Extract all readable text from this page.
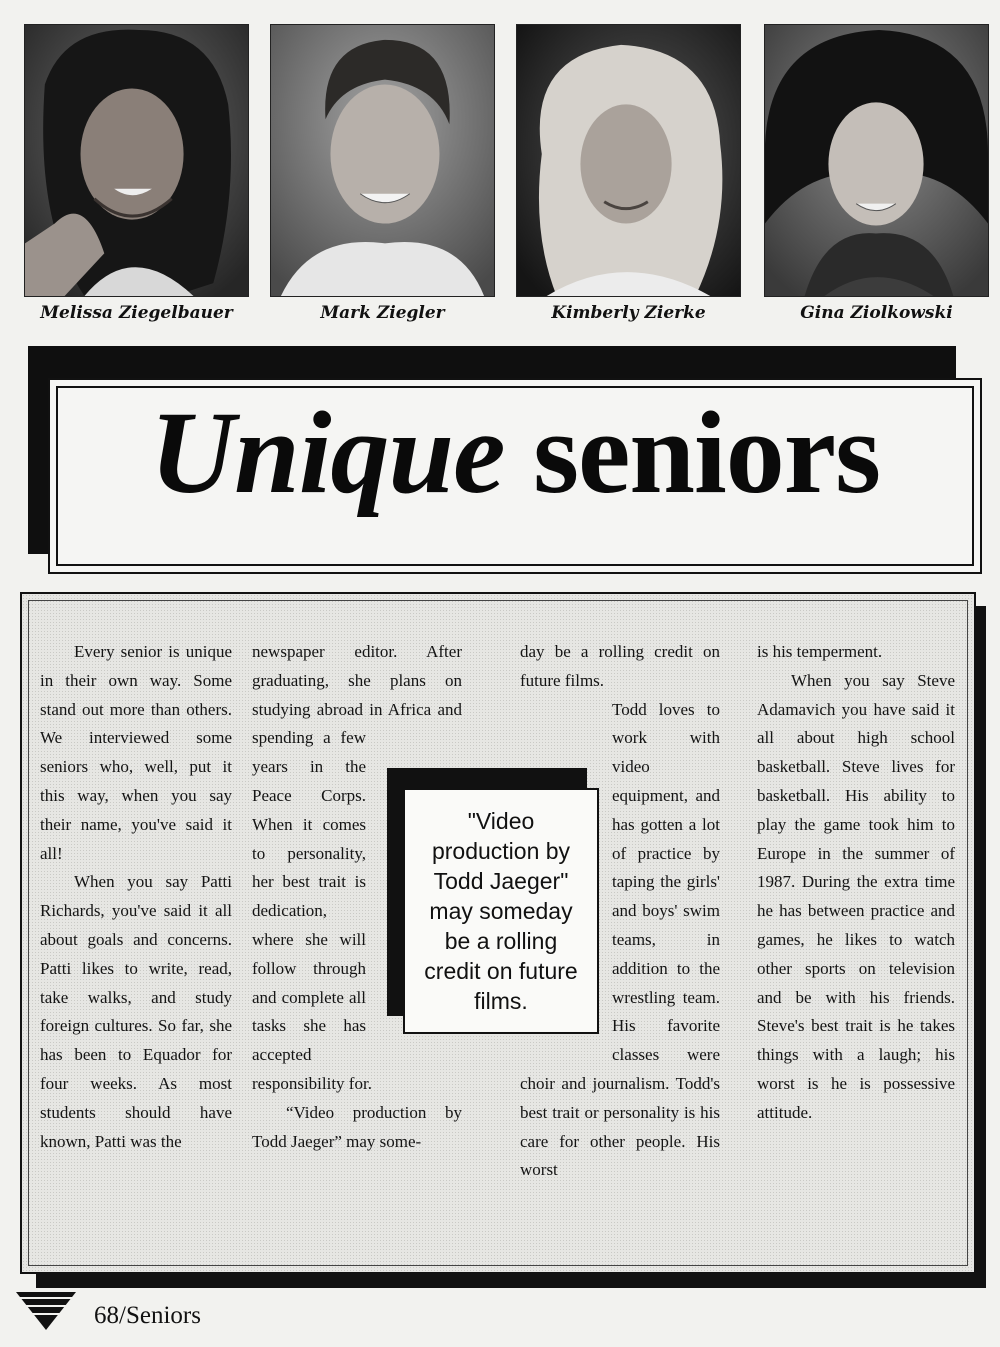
Melissa Ziegelbauer	Mark Ziegler	Kimberly Zierke	Gina Ziolkowski
Unique seniors

Every senior is unique in their own way. Some stand out more than others. We interviewed some seniors who, well, put it this way, when you say their name, you've said it all!

When you say Patti Richards, you've said it all about goals and concerns. Patti likes to write, read, take walks, and study foreign cultures. So far, she has been to Equador for four weeks. As most students should have known, Patti was the

newspaper editor. After graduating, she plans on studying abroad in Africa and spending a few years in the Peace Corps. When it comes to personality, her best trait is dedication, where she will follow through and complete all tasks she has accepted responsibility for.

“Video production by Todd Jaeger” may some-

day be a rolling credit on future films.

Todd loves to work with video equipment, and has gotten a lot of practice by taping the girls' and boys' swim teams, in addition to the wrestling team. His favorite classes were choir and journalism. Todd's best trait or personality is his care for other people. His worst

is his temperment.

When you say Steve Adamavich you have said it all about high school basketball. Steve lives for basketball. His ability to play the game took him to Europe in the summer of 1987. During the extra time he has between practice and games, he likes to watch other sports on television and be with his friends. Steve's best trait is he takes things with a laugh; his worst is he is possessive attitude.

"Video production by Todd Jaeger" may someday be a rolling credit on future films.
68/Seniors
